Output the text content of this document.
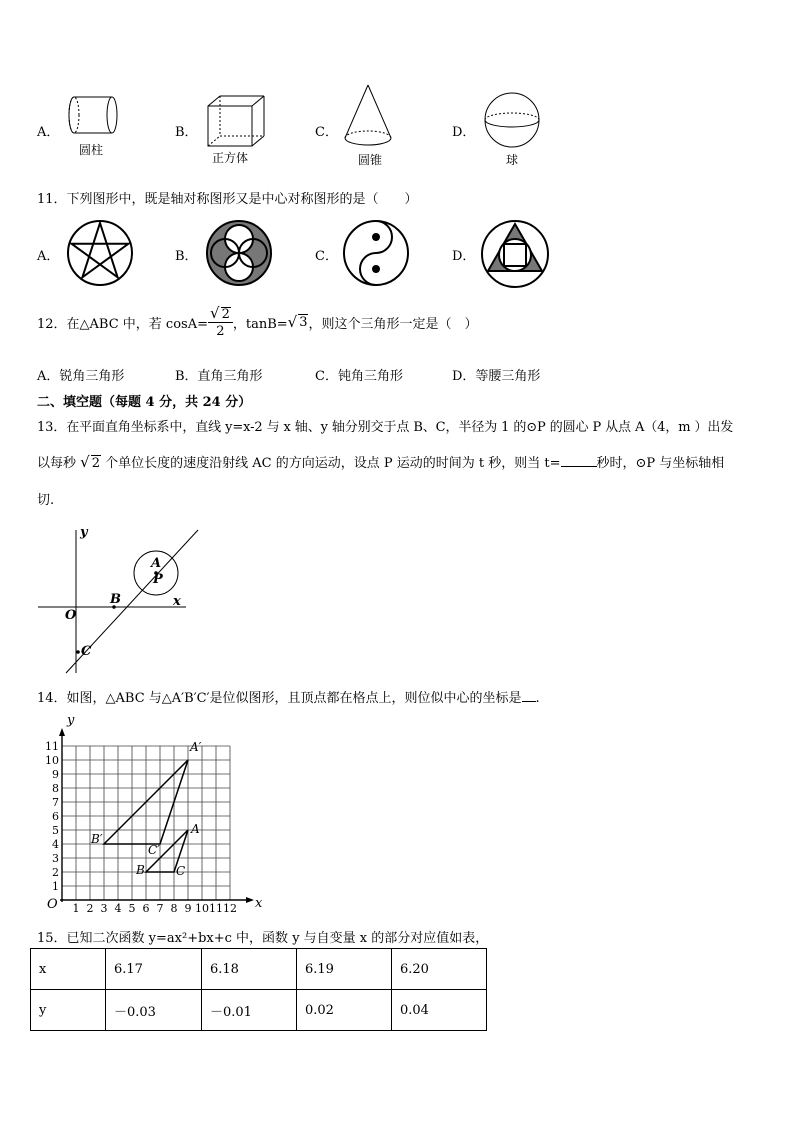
A．
圆柱
B．
正方体
C．
圆锥
D．
球
11．下列图形中，既是轴对称图形又是中心对称图形的是（　　）
A．	B．	C．	D．
12．在△ABC 中，若 $\cos A= \frac{√ 2}{2}$ ，tanB= √ 3 ，则这个三角形一定是（　）
A．锐角三角形	B．直角三角形	C．钝角三角形	D．等腰三角形
二、填空题（每题 4 分，共 24 分）
13．在平面直角坐标系中，直线 y=x-2 与 x 轴、y 轴分别交于点 B、C，半径为 1 的⊙P 的圆心 P 从点 A（4，m ）出发
以每秒 √ 2 个单位长度的速度沿射线 AC 的方向运动，设点 P 运动的时间为 t 秒，则当 t=	秒时，⊙P 与坐标轴相
切.
y
x
O
B
C
A
P
14．如图，△ABC 与△A′B′C′是位似图形，且顶点都在格点上，则位似中心的坐标是 .
1 2 3 4 5 6 7 8 9 10 11 12
1
2
3
4
5
6
7
8
9
10
11
y
x
O
A′
B′
C′
A
B	C
15．已知二次函数 y=ax²+bx+c 中，函数 y 与自变量 x 的部分对应值如表，
x	6.17	6.18	6.19	6.20
y	－0.03	－0.01	0.02	0.04
